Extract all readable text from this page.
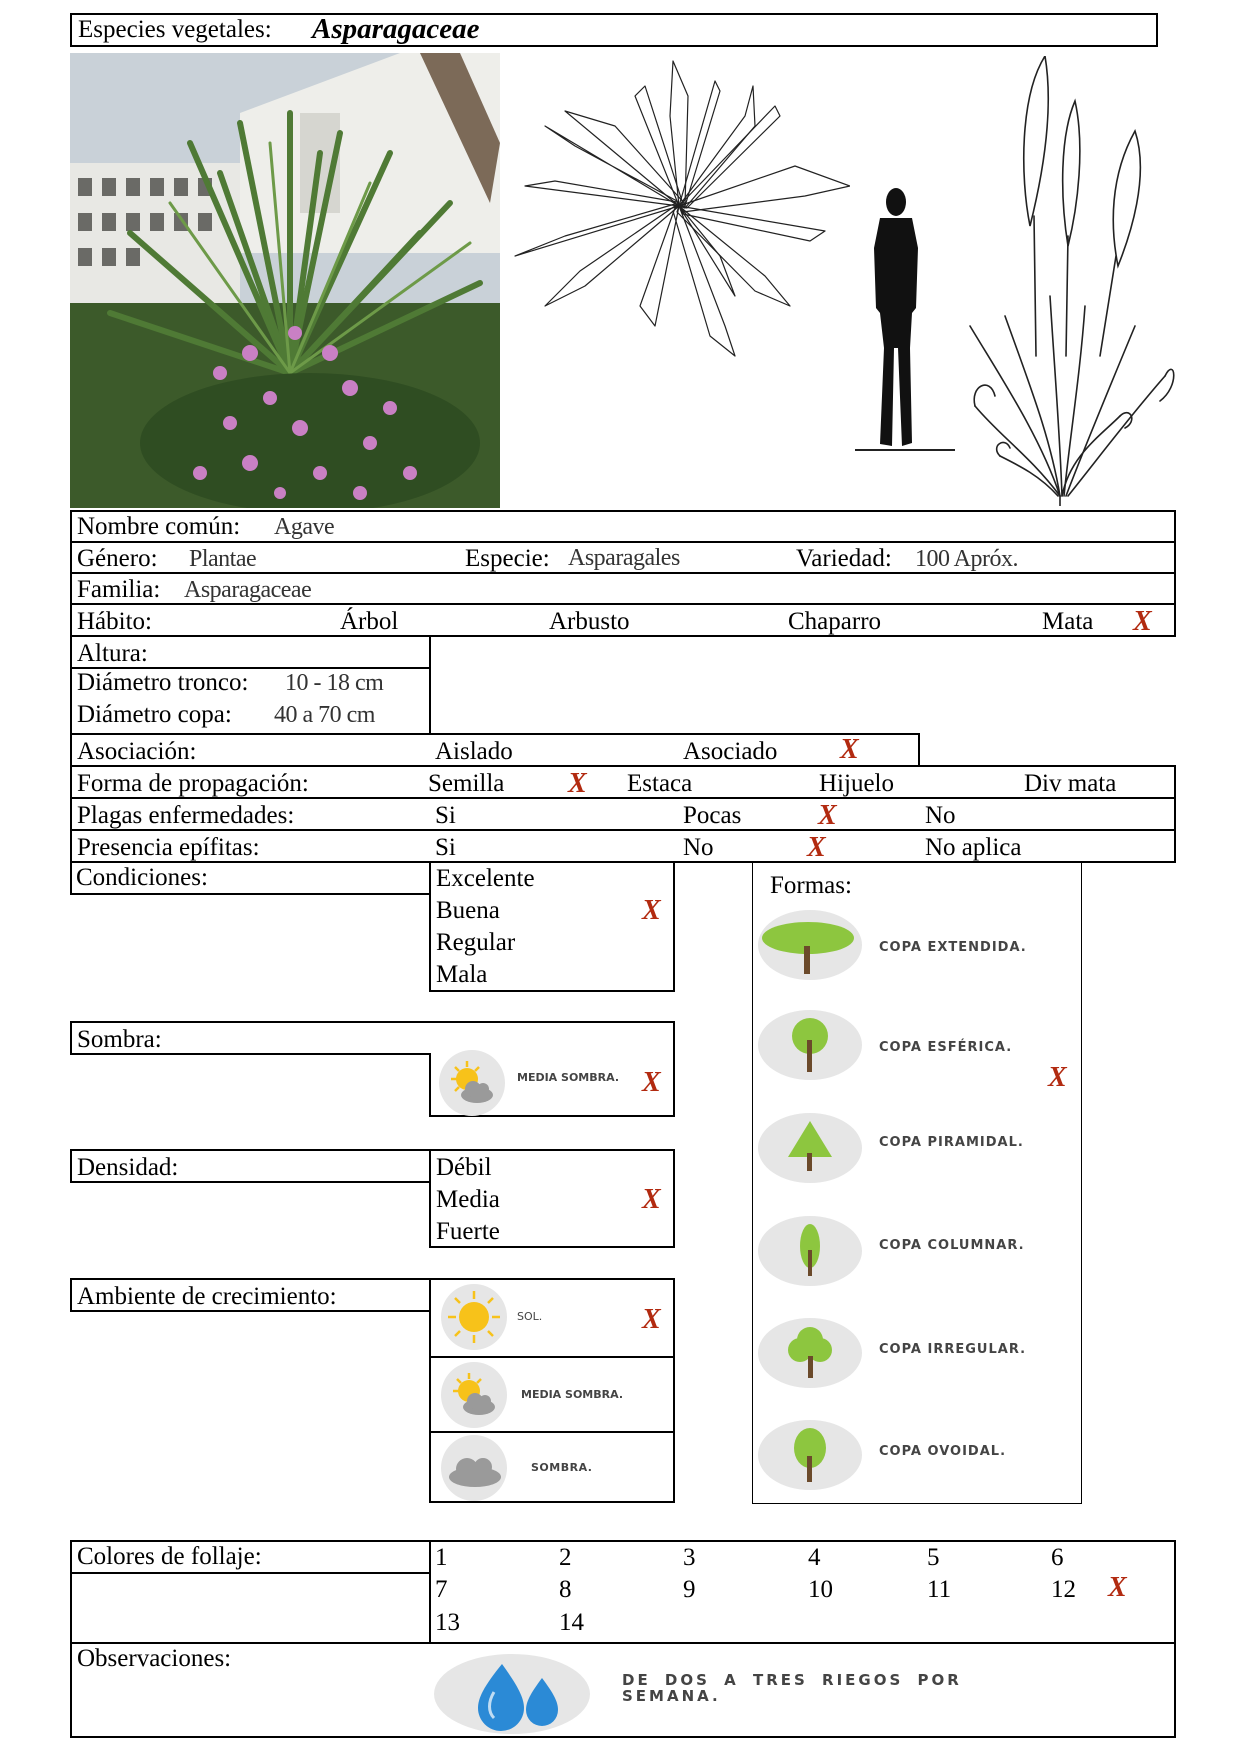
Especies vegetales: Asparagaceae
Nombre común: Agave
Género: Plantae	Especie: Asparagales	Variedad: 100 Apróx.
Familia: Asparagaceae
Hábito:	Árbol	Arbusto	Chaparro	Mata X
Altura:
Diámetro tronco: 10 - 18 cm
Diámetro copa: 40 a 70 cm
Asociación:	Aislado	Asociado X
Forma de propagación:	Semilla X Estaca	Hijuelo	Div mata
Plagas enfermedades:	Si	Pocas	X	No
Presencia epífitas:	Si	No	X	No aplica
Condiciones:	Excelente
Buena	X
Regular
Mala
Sombra:
MEDIA SOMBRA. X
Densidad:	Débil
Media	X
Fuerte
Ambiente de crecimiento:
SOL.	X
MEDIA SOMBRA.
SOMBRA.
Formas:
COPA EXTENDIDA.
COPA ESFÉRICA.
X
COPA PIRAMIDAL.
COPA COLUMNAR.
COPA IRREGULAR.
COPA OVOIDAL.
Colores de follaje:	1	2	3	4	5	6
7	8	9	10	11	12 X
13	14
Observaciones:
DE DOS A TRES RIEGOS POR SEMANA.
